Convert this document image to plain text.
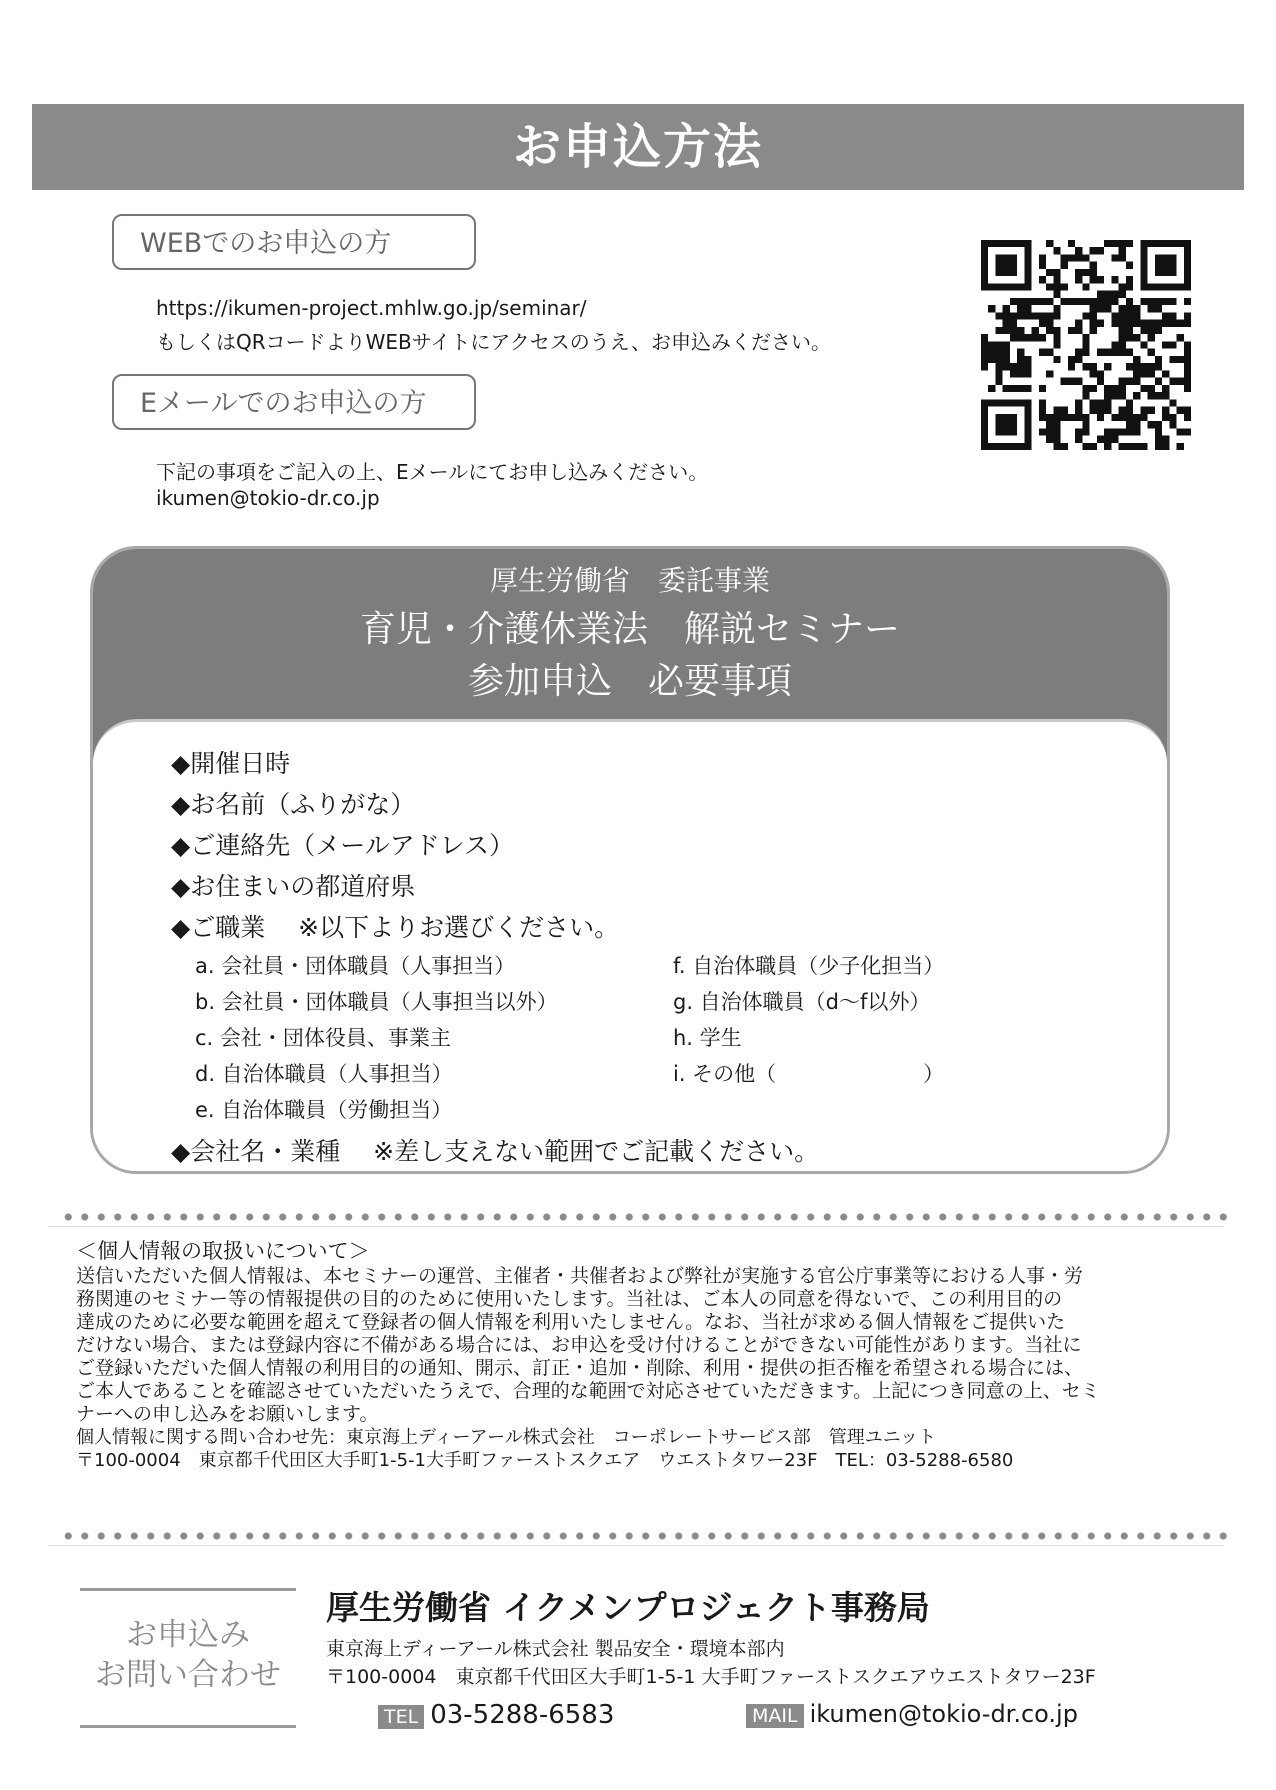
お申込方法
WEBでのお申込の方
https://ikumen-project.mhlw.go.jp/seminar/
もしくはQRコードよりWEBサイトにアクセスのうえ、お申込みください。
Eメールでのお申込の方
下記の事項をご記入の上、Eメールにてお申し込みください。
ikumen@tokio-dr.co.jp
厚生労働省　委託事業
育児・介護休業法　解説セミナー
参加申込　必要事項
◆開催日時
◆お名前（ふりがな）
◆ご連絡先（メールアドレス）
◆お住まいの都道府県
◆ご職業　 ※以下よりお選びください。
a. 会社員・団体職員（人事担当）
b. 会社員・団体職員（人事担当以外）
c. 会社・団体役員、事業主
d. 自治体職員（人事担当）
e. 自治体職員（労働担当）
f. 自治体職員（少子化担当）
g. 自治体職員（d〜f以外）
h. 学生
i. その他（　　　　　　　）
◆会社名・業種　 ※差し支えない範囲でご記載ください。
＜個人情報の取扱いについて＞
送信いただいた個人情報は、本セミナーの運営、主催者・共催者および弊社が実施する官公庁事業等における人事・労
務関連のセミナー等の情報提供の目的のために使用いたします。当社は、ご本人の同意を得ないで、この利用目的の
達成のために必要な範囲を超えて登録者の個人情報を利用いたしません。なお、当社が求める個人情報をご提供いた
だけない場合、または登録内容に不備がある場合には、お申込を受け付けることができない可能性があります。当社に
ご登録いただいた個人情報の利用目的の通知、開示、訂正・追加・削除、利用・提供の拒否権を希望される場合には、
ご本人であることを確認させていただいたうえで、合理的な範囲で対応させていただきます。上記につき同意の上、セミ
ナーへの申し込みをお願いします。
個人情報に関する問い合わせ先：東京海上ディーアール株式会社　コーポレートサービス部　管理ユニット
〒100-0004　東京都千代田区大手町1-5-1大手町ファーストスクエア　ウエストタワー23F　TEL：03-5288-6580
お申込み
お問い合わせ
厚生労働省 イクメンプロジェクト事務局
東京海上ディーアール株式会社 製品安全・環境本部内
〒100-0004　東京都千代田区大手町1-5-1 大手町ファーストスクエアウエストタワー23F
TEL 03-5288-6583	MAIL ikumen@tokio-dr.co.jp
